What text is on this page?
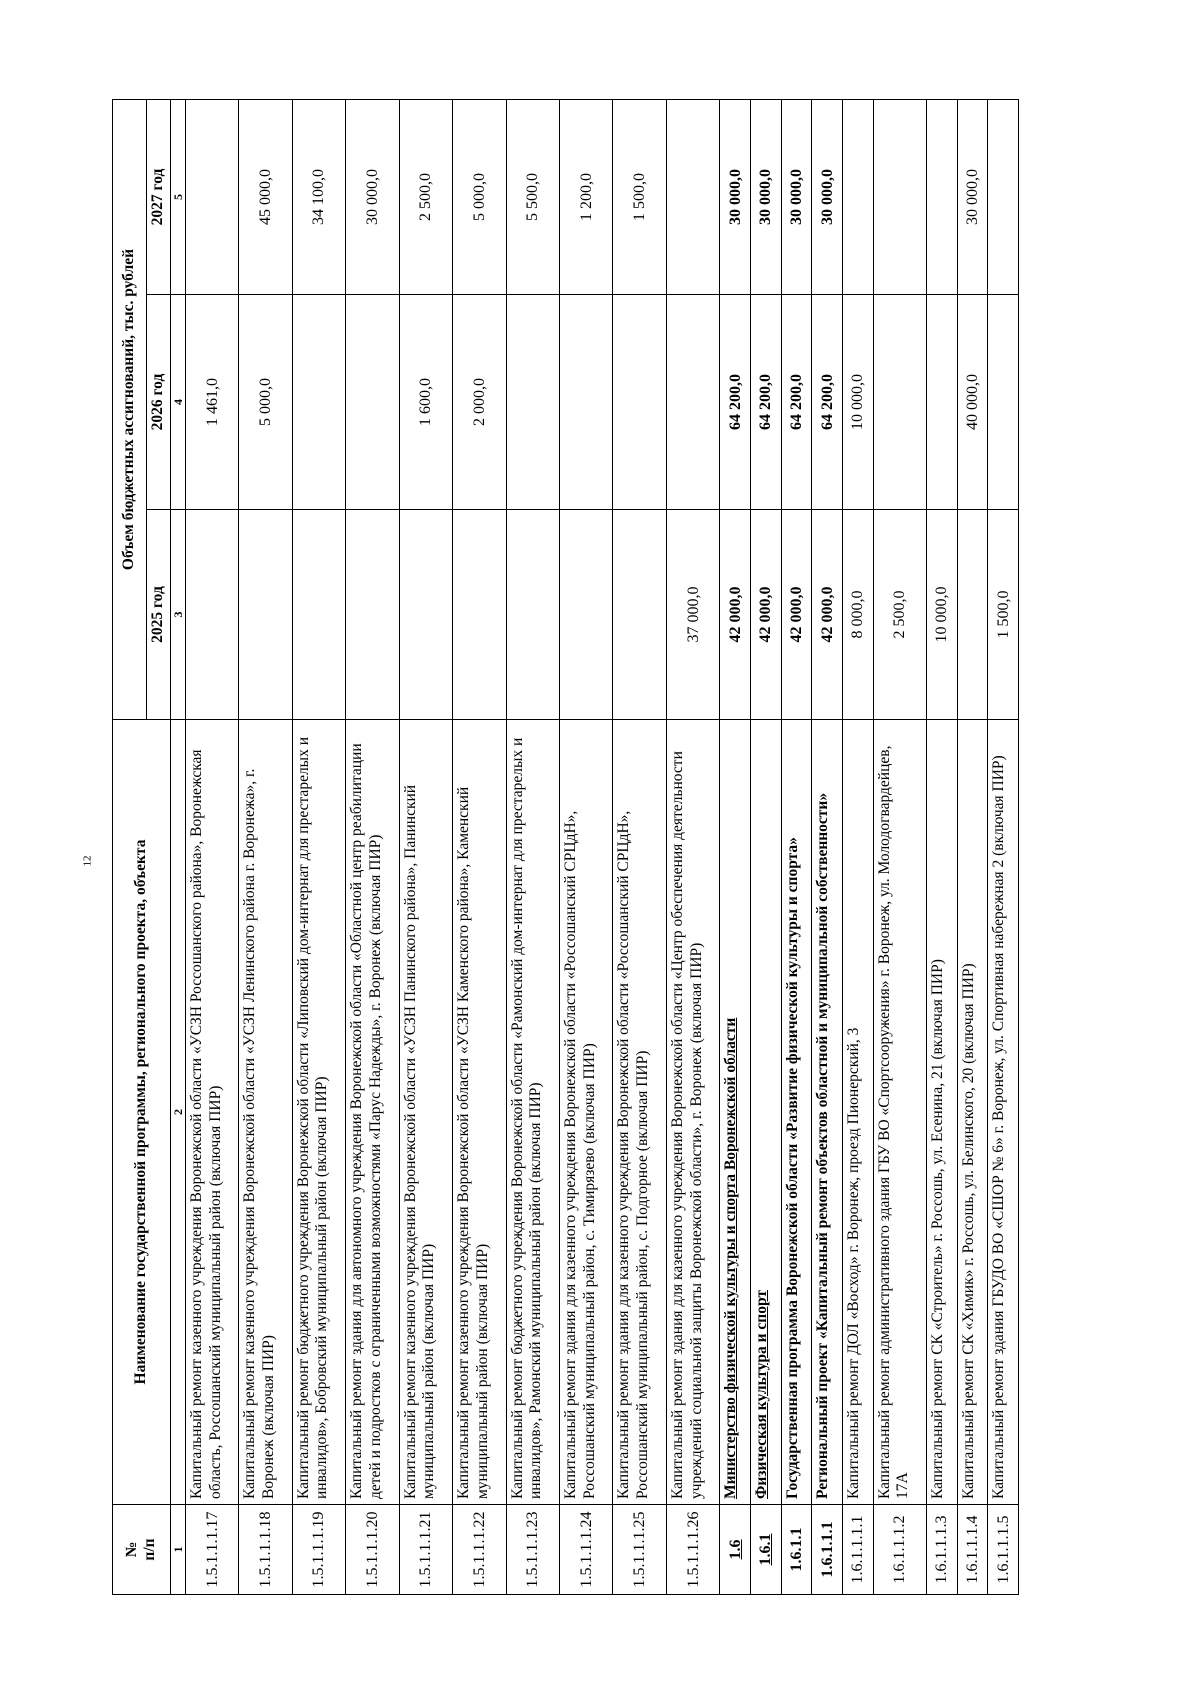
12
№
п/п	Наименование государственной программы, регионального проекта, объекта	Объем бюджетных ассигнований, тыс. рублей		
		2025 год	2026 год	2027 год
1	2	3	4	5
1.5.1.1.1.17	Капитальный ремонт казенного учреждения Воронежской области «УСЗН Россошанского района», Воронежская область, Россошанский муниципальный район (включая ПИР)		1 461,0	
1.5.1.1.1.18	Капитальный ремонт казенного учреждения Воронежской области «УСЗН Ленинского района г. Воронежа», г. Воронеж (включая ПИР)		5 000,0	45 000,0
1.5.1.1.1.19	Капитальный ремонт бюджетного учреждения Воронежской области «Липовский дом-интернат для престарелых и инвалидов», Бобровский муниципальный район (включая ПИР)			34 100,0
1.5.1.1.1.20	Капитальный ремонт здания для автономного учреждения Воронежской области «Областной центр реабилитации детей и подростков с ограниченными возможностями «Парус Надежды», г. Воронеж (включая ПИР)			30 000,0
1.5.1.1.1.21	Капитальный ремонт казенного учреждения Воронежской области «УСЗН Панинского района», Панинский муниципальный район (включая ПИР)		1 600,0	2 500,0
1.5.1.1.1.22	Капитальный ремонт казенного учреждения Воронежской области «УСЗН Каменского района», Каменский муниципальный район (включая ПИР)		2 000,0	5 000,0
1.5.1.1.1.23	Капитальный ремонт бюджетного учреждения Воронежской области «Рамонский дом-интернат для престарелых и инвалидов», Рамонский муниципальный район (включая ПИР)			5 500,0
1.5.1.1.1.24	Капитальный ремонт здания для казенного учреждения Воронежской области «Россошанский СРЦдН», Россошанский муниципальный район, с. Тимирязево (включая ПИР)			1 200,0
1.5.1.1.1.25	Капитальный ремонт здания для казенного учреждения Воронежской области «Россошанский СРЦдН», Россошанский муниципальный район, с. Подгорное (включая ПИР)			1 500,0
1.5.1.1.1.26	Капитальный ремонт здания для казенного учреждения Воронежской области «Центр обеспечения деятельности учреждений социальной защиты Воронежской области», г. Воронеж (включая ПИР)	37 000,0		
1.6	Министерство физической культуры и спорта Воронежской области	42 000,0	64 200,0	30 000,0
1.6.1	Физическая культура и спорт	42 000,0	64 200,0	30 000,0
1.6.1.1	Государственная программа Воронежской области «Развитие физической культуры и спорта»	42 000,0	64 200,0	30 000,0
1.6.1.1.1	Региональный проект «Капитальный ремонт объектов областной и муниципальной собственности»	42 000,0	64 200,0	30 000,0
1.6.1.1.1.1	Капитальный ремонт ДОЛ «Восход» г. Воронеж, проезд Пионерский, 3	8 000,0	10 000,0	
1.6.1.1.1.2	Капитальный ремонт административного здания ГБУ ВО «Спортсооружения» г. Воронеж, ул. Молодогвардейцев, 17А	2 500,0		
1.6.1.1.1.3	Капитальный ремонт СК «Строитель» г. Россошь, ул. Есенина, 21 (включая ПИР)	10 000,0		
1.6.1.1.1.4	Капитальный ремонт СК «Химик» г. Россошь, ул. Белинского, 20 (включая ПИР)		40 000,0	30 000,0
1.6.1.1.1.5	Капитальный ремонт здания ГБУДО ВО «СШОР № 6» г. Воронеж, ул. Спортивная набережная 2 (включая ПИР)	1 500,0		
